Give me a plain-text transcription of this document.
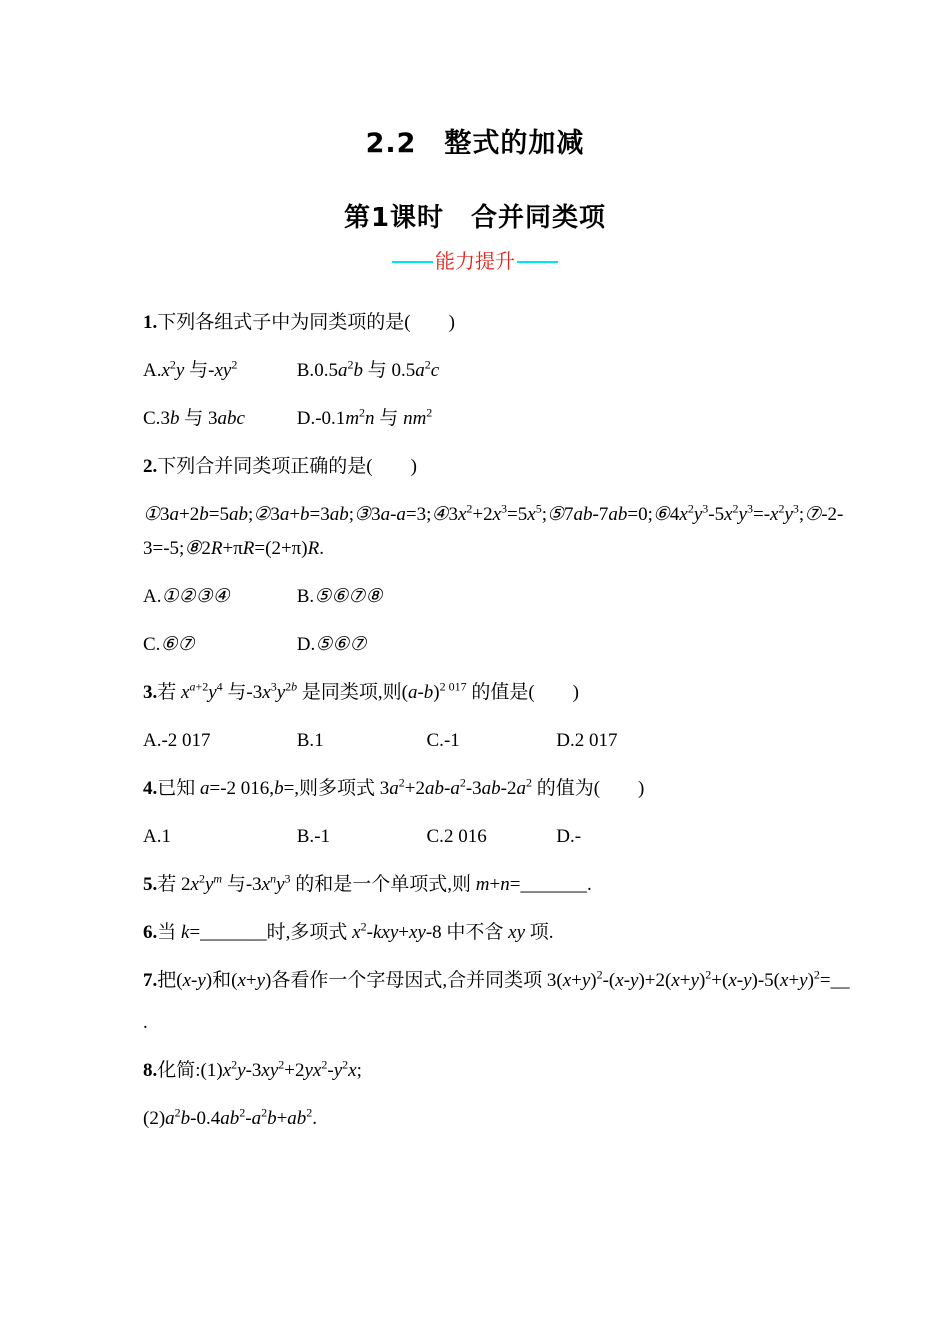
2.2　整式的加减
第1课时　合并同类项
能力提升
1.下列各组式子中为同类项的是(　　)
$A.x^2y$ 与$-xy^2$	$B.0.5a^2b$ 与 $0.5a^2c$
C.3b 与 3abc	$D.-0.1m^2n$ 与 $nm^2$
2.下列合并同类项正确的是(　　)
$①3a+2b=5ab;②3a+b=3ab;③3a-a=3;④3x^2+2x^3=5x^5;⑤7ab-7ab=0;⑥4x^2y^3-5x^2y^3=-x^2y^3;⑦-2-$
3=-5;⑧2R+πR=(2+π)R.
A.①②③④	B.⑤⑥⑦⑧
C.⑥⑦	D.⑤⑥⑦
3.若 $x^{a+2}y^4$ 与$-3x^3y^{2b}$ 是同类项,则$(a-b)^{2 017}$ 的值是(　　)
A.-2 017	B.1	C.-1	D.2 017
4.已知 a=-2 016,b=,则多项式 $3a^2+2ab-a^2-3ab-2a^2$ 的值为(　　)
A.1	B.-1	C.2 016	D.-
5.若 $2x^2y^m$ 与$-3x^ny^3$ 的和是一个单项式,则 m+n=_______.
6.当 k=_______时,多项式 $x^2-kxy+xy-8$ 中不含 xy 项.
7.把(x-y)和(x+y)各看作一个字母因式,合并同类项 $3(x+y)^2-(x-y)+2(x+y)^2+(x-y)-5(x+y)^2=\_\_$
.
8.化简$:(1)x^2y-3xy^2+2yx^2-y^2x$;
$(2)a^2b-0.4ab^2-a^2b+ab^2$.
